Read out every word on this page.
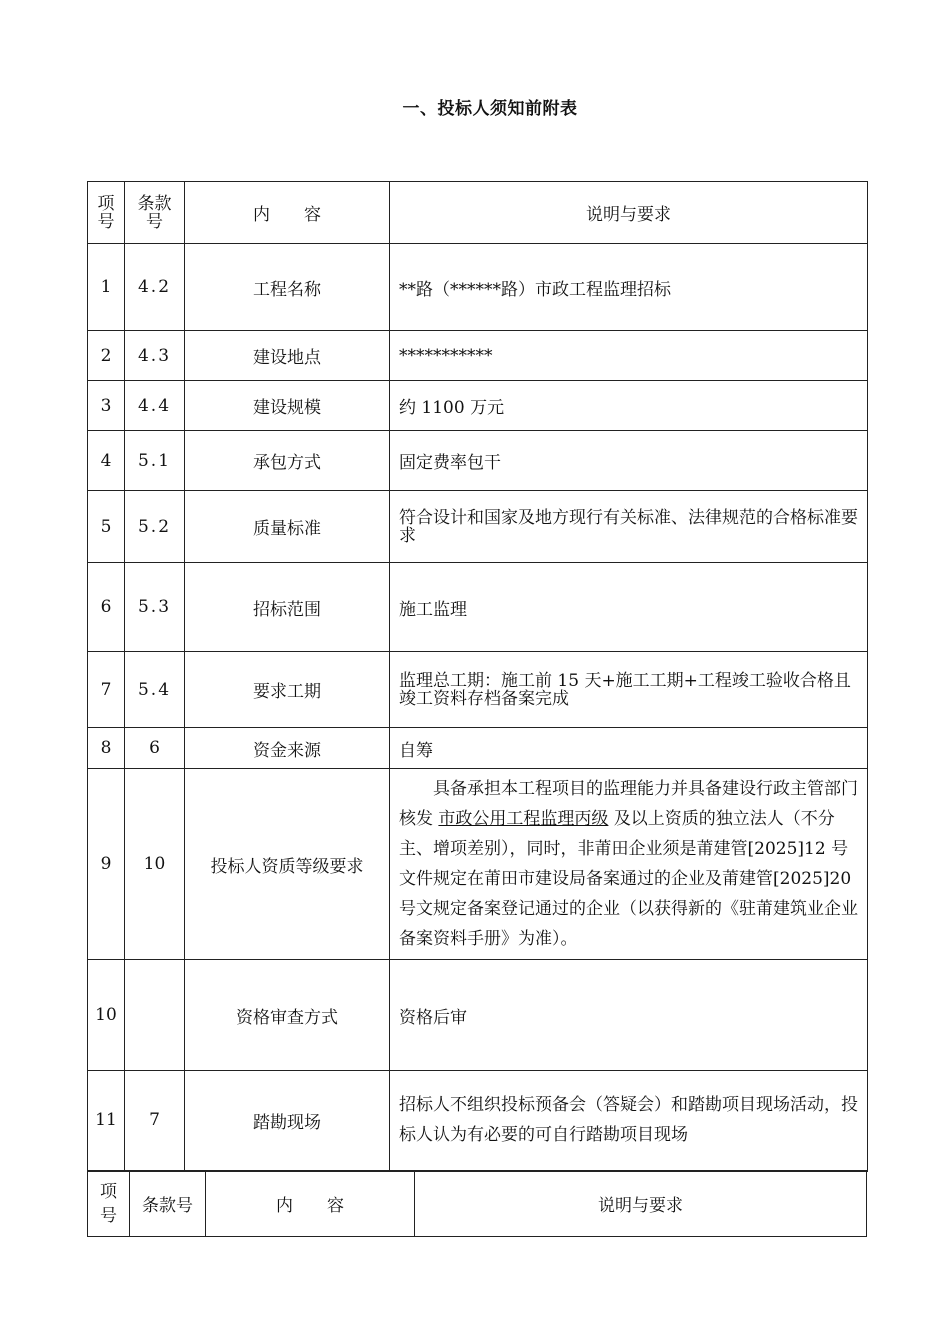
一、投标人须知前附表
项号	条款号	内　　容	说明与要求
1	4.2	工程名称	**路（******路）市政工程监理招标
2	4.3	建设地点	***********
3	4.4	建设规模	约 1100 万元
4	5.1	承包方式	固定费率包干
5	5.2	质量标准	符合设计和国家及地方现行有关标准、法律规范的合格标准要求
6	5.3	招标范围	施工监理
7	5.4	要求工期	监理总工期：施工前 15 天+施工工期+工程竣工验收合格且竣工资料存档备案完成
8	6	资金来源	自筹
9	10	投标人资质等级要求	具备承担本工程项目的监理能力并具备建设行政主管部门核发 市政公用工程监理丙级 及以上资质的独立法人（不分主、增项差别），同时，非莆田企业须是莆建管[2025]12 号文件规定在莆田市建设局备案通过的企业及莆建管[2025]20 号文规定备案登记通过的企业（以获得新的《驻莆建筑业企业备案资料手册》为准）。
10		资格审查方式	资格后审
11	7	踏勘现场	招标人不组织投标预备会（答疑会）和踏勘项目现场活动，投标人认为有必要的可自行踏勘项目现场
项号	条款号	内　　容	说明与要求
